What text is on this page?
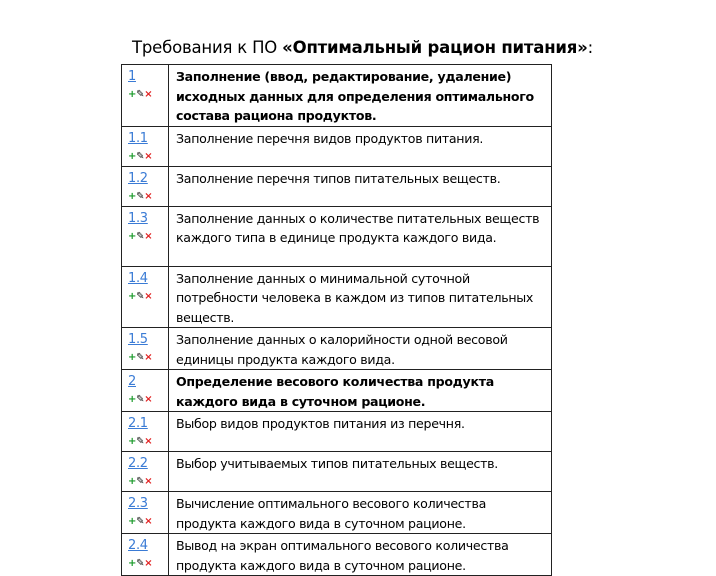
Требования к ПО «Оптимальный рацион питания»:
1
+✎×	Заполнение (ввод, редактирование, удаление) исходных данных для определения оптимального состава рациона продуктов.

1.1
+✎×	Заполнение перечня видов продуктов питания.

1.2
+✎×	Заполнение перечня типов питательных веществ.

1.3
+✎×	Заполнение данных о количестве питательных веществ каждого типа в единице продукта каждого вида.

1.4
+✎×	Заполнение данных о минимальной суточной потребности человека в каждом из типов питательных веществ.

1.5
+✎×	Заполнение данных о калорийности одной весовой единицы продукта каждого вида.

2
+✎×	Определение весового количества продукта каждого вида в суточном рационе.

2.1
+✎×	Выбор видов продуктов питания из перечня.

2.2
+✎×	Выбор учитываемых типов питательных веществ.

2.3
+✎×	Вычисление оптимального весового количества продукта каждого вида в суточном рационе.

2.4
+✎×	Вывод на экран оптимального весового количества продукта каждого вида в суточном рационе.
